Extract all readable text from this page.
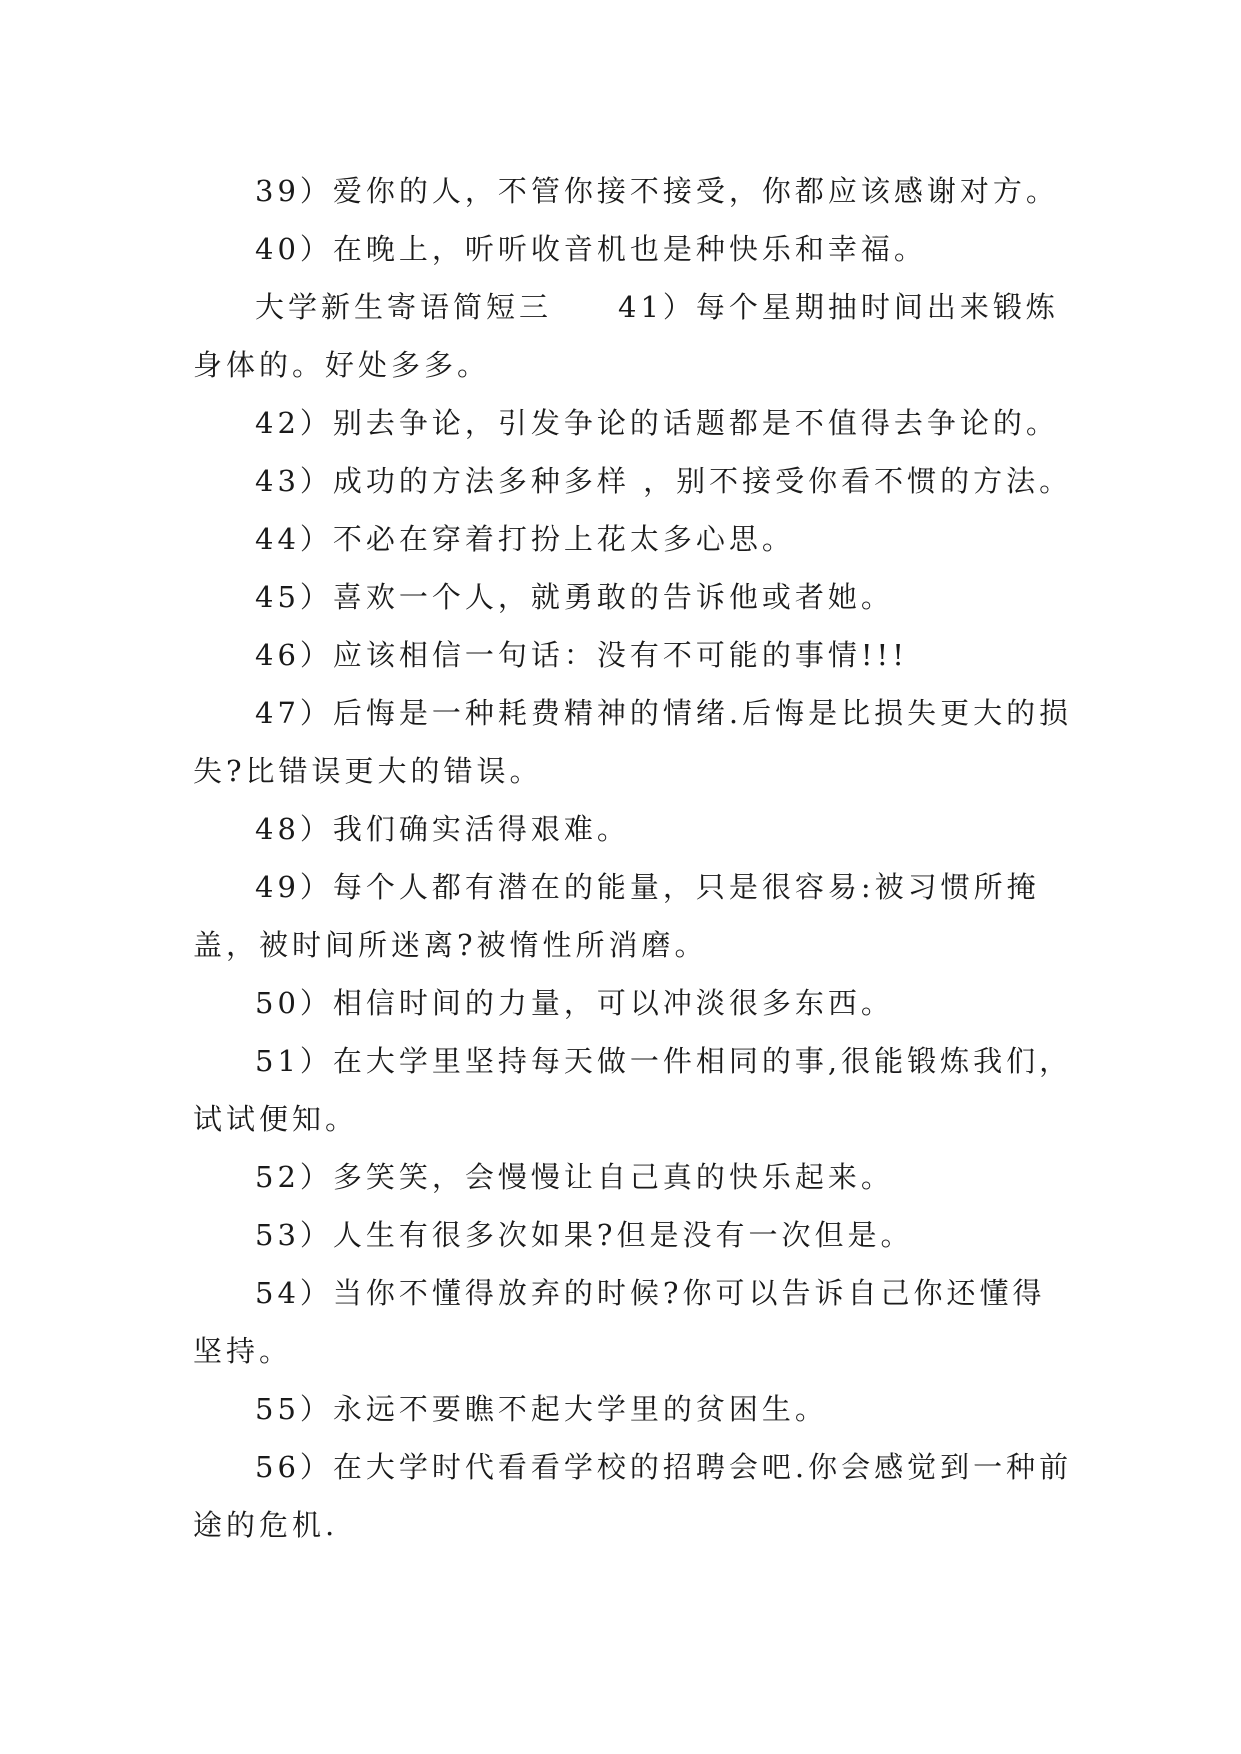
39）爱你的人，不管你接不接受，你都应该感谢对方。

40）在晚上，听听收音机也是种快乐和幸福。

大学新生寄语简短三　　41）每个星期抽时间出来锻炼身体的。好处多多。

42）别去争论，引发争论的话题都是不值得去争论的。

43）成功的方法多种多样 ，别不接受你看不惯的方法。

44）不必在穿着打扮上花太多心思。

45）喜欢一个人，就勇敢的告诉他或者她。

46）应该相信一句话：没有不可能的事情!!!

47）后悔是一种耗费精神的情绪.后悔是比损失更大的损失?比错误更大的错误。

48）我们确实活得艰难。

49）每个人都有潜在的能量，只是很容易:被习惯所掩盖，被时间所迷离?被惰性所消磨。

50）相信时间的力量，可以冲淡很多东西。

51）在大学里坚持每天做一件相同的事,很能锻炼我们，试试便知。

52）多笑笑，会慢慢让自己真的快乐起来。

53）人生有很多次如果?但是没有一次但是。

54）当你不懂得放弃的时候?你可以告诉自己你还懂得坚持。

55）永远不要瞧不起大学里的贫困生。

56）在大学时代看看学校的招聘会吧.你会感觉到一种前途的危机.
